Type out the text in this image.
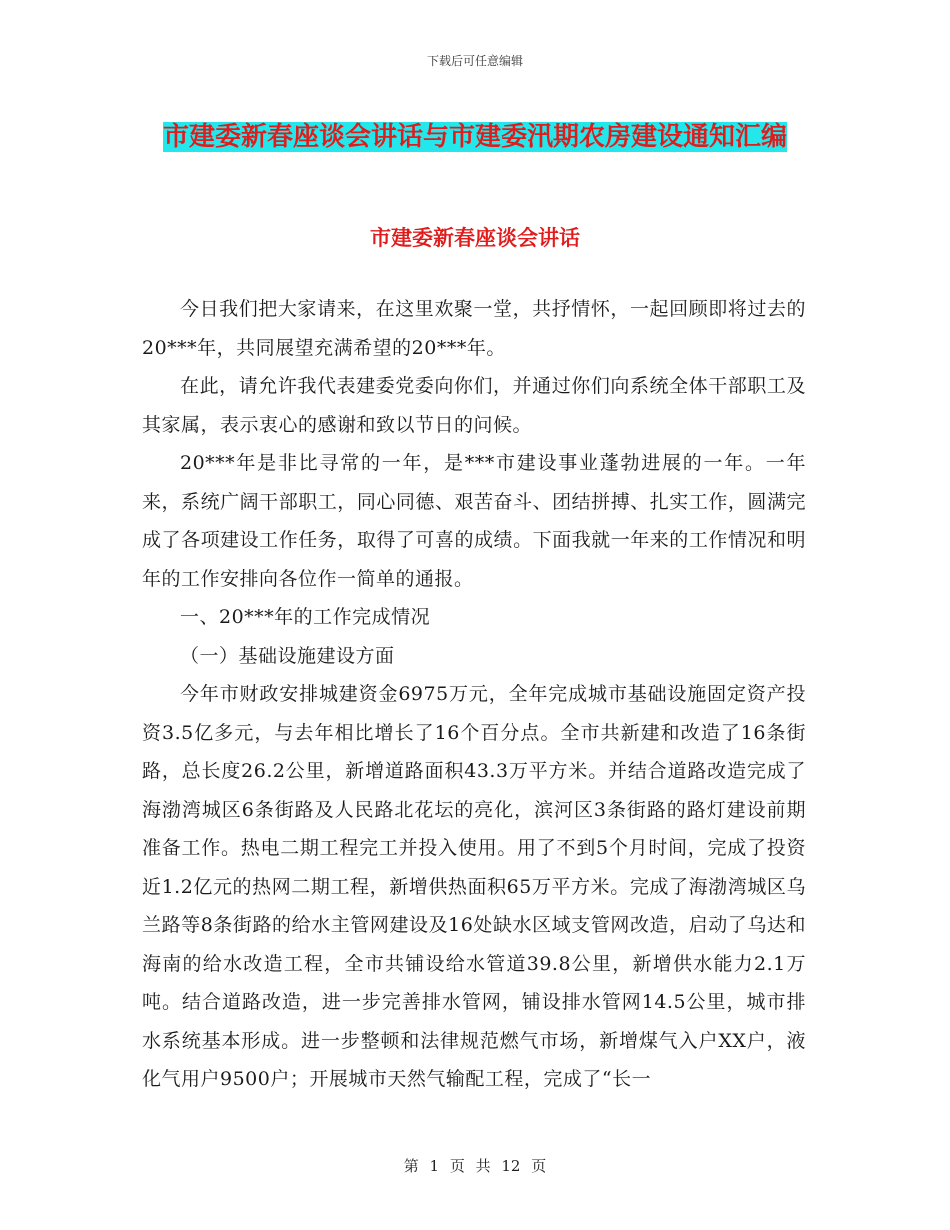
下载后可任意编辑
市建委新春座谈会讲话与市建委汛期农房建设通知汇编
市建委新春座谈会讲话

今日我们把大家请来，在这里欢聚一堂，共抒情怀，一起回顾即将过去的20***年，共同展望充满希望的20***年。

在此，请允许我代表建委党委向你们，并通过你们向系统全体干部职工及其家属，表示衷心的感谢和致以节日的问候。

20***年是非比寻常的一年，是***市建设事业蓬勃进展的一年。一年来，系统广阔干部职工，同心同德、艰苦奋斗、团结拼搏、扎实工作，圆满完成了各项建设工作任务，取得了可喜的成绩。下面我就一年来的工作情况和明年的工作安排向各位作一简单的通报。

一、20***年的工作完成情况

（一）基础设施建设方面

今年市财政安排城建资金6975万元，全年完成城市基础设施固定资产投资3.5亿多元，与去年相比增长了16个百分点。全市共新建和改造了16条街路，总长度26.2公里，新增道路面积43.3万平方米。并结合道路改造完成了海渤湾城区6条街路及人民路北花坛的亮化，滨河区3条街路的路灯建设前期准备工作。热电二期工程完工并投入使用。用了不到5个月时间，完成了投资近1.2亿元的热网二期工程，新增供热面积65万平方米。完成了海渤湾城区乌兰路等8条街路的给水主管网建设及16处缺水区域支管网改造，启动了乌达和海南的给水改造工程，全市共铺设给水管道39.8公里，新增供水能力2.1万吨。结合道路改造，进一步完善排水管网，铺设排水管网14.5公里，城市排水系统基本形成。进一步整顿和法律规范燃气市场，新增煤气入户XX户，液化气用户9500户；开展城市天然气输配工程，完成了“长一

第 1 页 共 12 页
